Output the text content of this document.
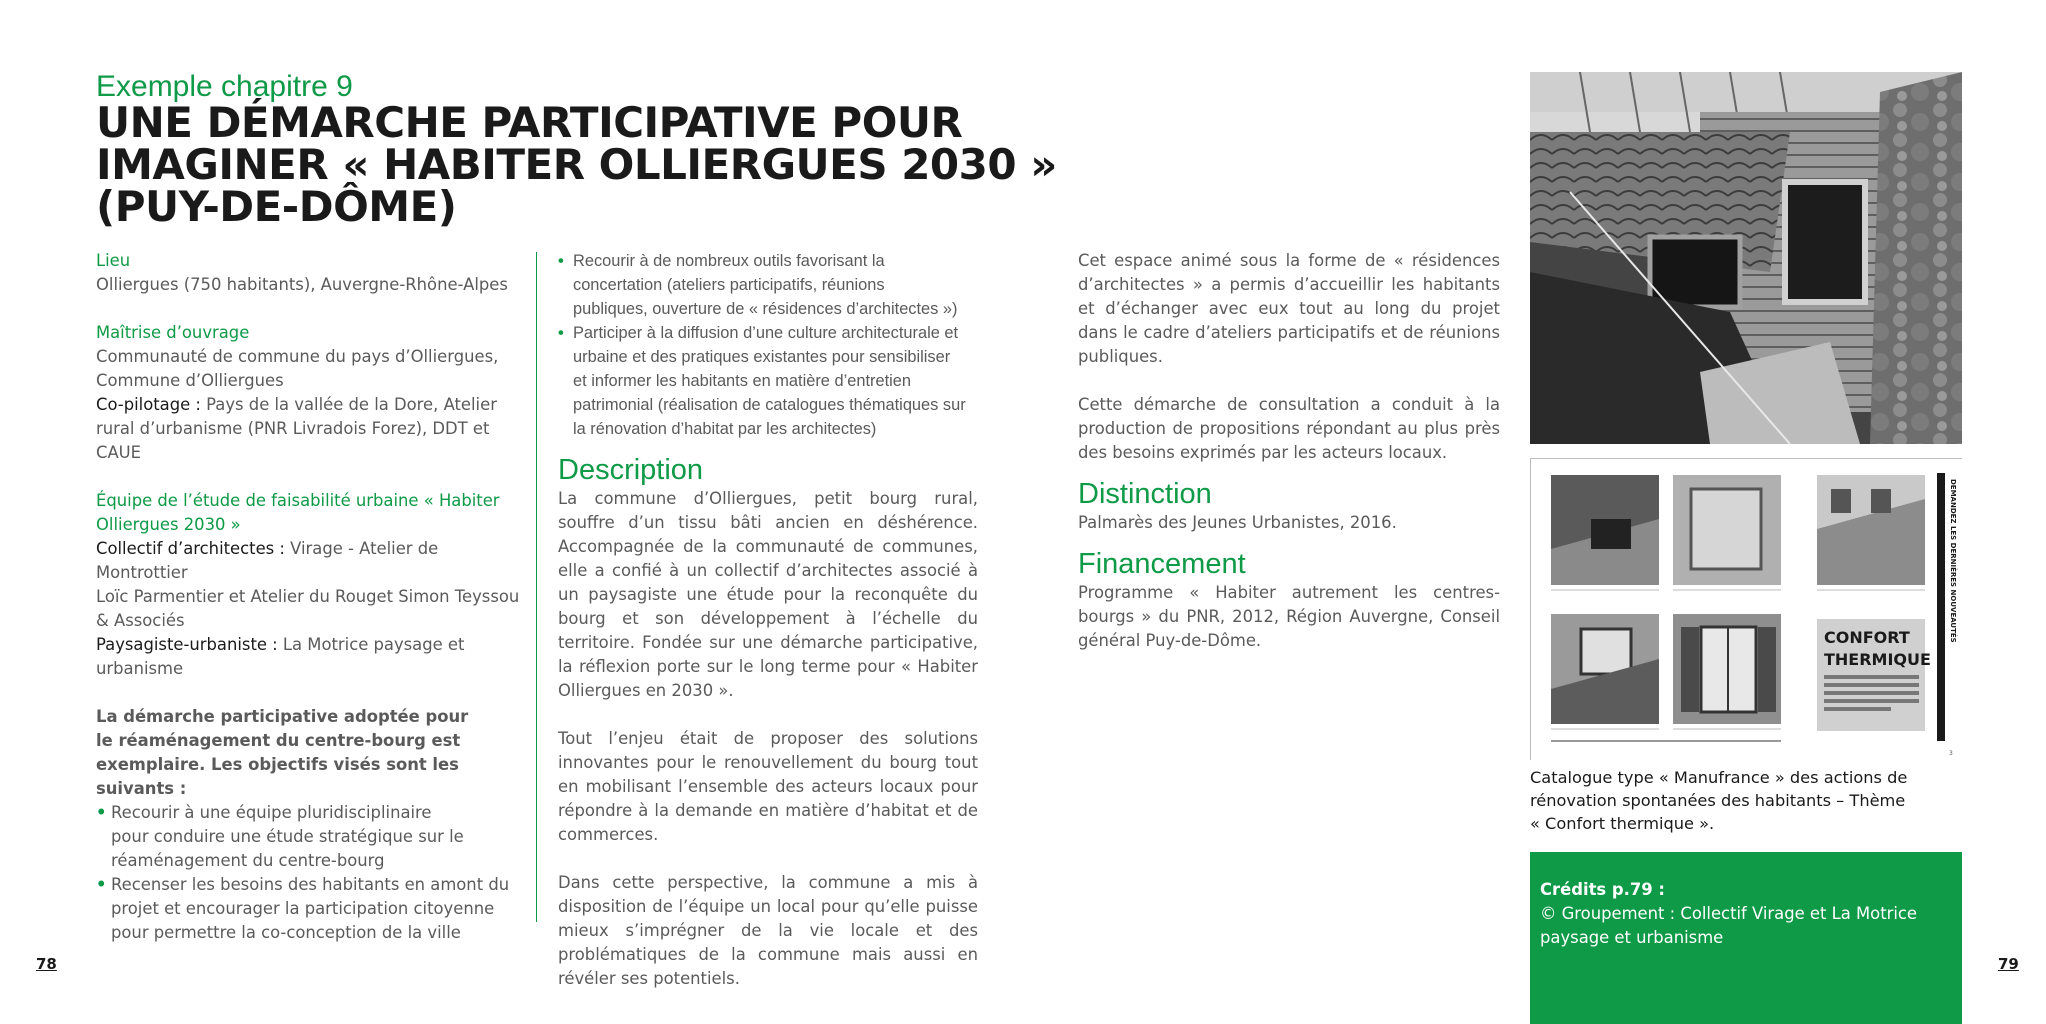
Exemple chapitre 9
UNE DÉMARCHE PARTICIPATIVE POUR
IMAGINER « HABITER OLLIERGUES 2030 »
(PUY-DE-DÔME)
Lieu
Olliergues (750 habitants), Auvergne-Rhône-Alpes
Maîtrise d’ouvrage
Communauté de commune du pays d’Olliergues,
Commune d’Olliergues
Co-pilotage : Pays de la vallée de la Dore, Atelier
rural d’urbanisme (PNR Livradois Forez), DDT et
CAUE
Équipe de l’étude de faisabilité urbaine « Habiter
Olliergues 2030 »
Collectif d’architectes : Virage - Atelier de Montrottier
Loïc Parmentier et Atelier du Rouget Simon Teyssou
& Associés
Paysagiste-urbaniste : La Motrice paysage et
urbanisme
La démarche participative adoptée pour
le réaménagement du centre-bourg est
exemplaire. Les objectifs visés sont les
suivants :
• Recourir à une équipe pluridisciplinaire
pour conduire une étude stratégique sur le
réaménagement du centre-bourg
• Recenser les besoins des habitants en amont du
projet et encourager la participation citoyenne
pour permettre la co-conception de la ville
• Recourir à de nombreux outils favorisant la
concertation (ateliers participatifs, réunions
publiques, ouverture de « résidences d’architectes »)
• Participer à la diffusion d’une culture architecturale et
urbaine et des pratiques existantes pour sensibiliser
et informer les habitants en matière d’entretien
patrimonial (réalisation de catalogues thématiques sur
la rénovation d’habitat par les architectes)
Description

La commune d’Olliergues, petit bourg rural, souffre d’un tissu bâti ancien en déshérence. Accompagnée de la communauté de communes, elle a confié à un collectif d’architectes associé à un paysagiste une étude pour la reconquête du bourg et son développement à l’échelle du territoire. Fondée sur une démarche participative, la réflexion porte sur le long terme pour « Habiter Olliergues en 2030 ».

Tout l’enjeu était de proposer des solutions innovantes pour le renouvellement du bourg tout en mobilisant l’ensemble des acteurs locaux pour répondre à la demande en matière d’habitat et de commerces.

Dans cette perspective, la commune a mis à disposition de l’équipe un local pour qu’elle puisse mieux s’imprégner de la vie locale et des problématiques de la commune mais aussi en révéler ses potentiels.

Cet espace animé sous la forme de « résidences d’architectes » a permis d’accueillir les habitants et d’échanger avec eux tout au long du projet dans le cadre d’ateliers participatifs et de réunions publiques.

Cette démarche de consultation a conduit à la production de propositions répondant au plus près des besoins exprimés par les acteurs locaux.

Distinction

Palmarès des Jeunes Urbanistes, 2016.

Financement

Programme « Habiter autrement les centres-bourgs » du PNR, 2012, Région Auvergne, Conseil général Puy-de-Dôme.	CONFORT
THERMIQUE
DEMANDEZ LES DERNIÈRES NOUVEAUTÉS
3
Catalogue type « Manufrance » des actions de
rénovation spontanées des habitants – Thème
« Confort thermique ».
Crédits p.79 :
© Groupement : Collectif Virage et La Motrice
paysage et urbanisme
78	79
